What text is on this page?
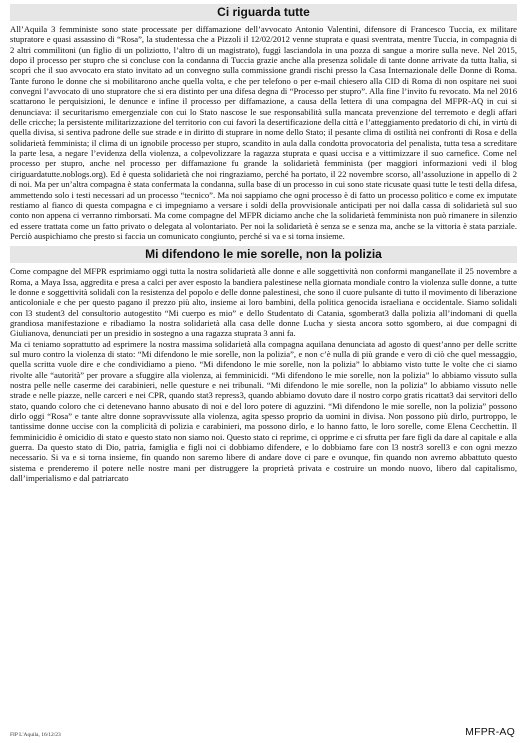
Ci riguarda tutte

All’Aquila 3 femministe sono state processate per diffamazione dell’avvocato Antonio Valentini, difensore di Francesco Tuccia, ex militare stupratore e quasi assassino di “Rosa”, la studentessa che a Pizzoli il 12/02/2012 venne stuprata e quasi sventrata, mentre Tuccia, in compagnia di 2 altri commilitoni (un figlio di un poliziotto, l’altro di un magistrato), fuggì lasciandola in una pozza di sangue a morire sulla neve. Nel 2015, dopo il processo per stupro che si concluse con la condanna di Tuccia grazie anche alla presenza solidale di tante donne arrivate da tutta Italia, si scoprì che il suo avvocato era stato invitato ad un convegno sulla commissione grandi rischi presso la Casa Internazionale delle Donne di Roma. Tante furono le donne che si mobilitarono anche quella volta, e che per telefono o per e-mail chiesero alla CID di Roma di non ospitare nei suoi convegni l’avvocato di uno stupratore che si era distinto per una difesa degna di “Processo per stupro”. Alla fine l’invito fu revocato. Ma nel 2016 scattarono le perquisizioni, le denunce e infine il processo per diffamazione, a causa della lettera di una compagna del MFPR-AQ in cui si denunciava: il securitarismo emergenziale con cui lo Stato nascose le sue responsabilità sulla mancata prevenzione del terremoto e degli affari delle cricche; la persistente militarizzazione del territorio con cui favorì la desertificazione della città e l’atteggiamento predatorio di chi, in virtù di quella divisa, si sentiva padrone delle sue strade e in diritto di stuprare in nome dello Stato; il pesante clima di ostilità nei confronti di Rosa e della solidarietà femminista; il clima di un ignobile processo per stupro, scandito in aula dalla condotta provocatoria del penalista, tutta tesa a screditare la parte lesa, a negare l’evidenza della violenza, a colpevolizzare la ragazza stuprata e quasi uccisa e a vittimizzare il suo carnefice. Come nel processo per stupro, anche nel processo per diffamazione fu grande la solidarietà femminista (per maggiori informazioni vedi il blog ciriguardatutte.noblogs.org). Ed è questa solidarietà che noi ringraziamo, perché ha portato, il 22 novembre scorso, all’assoluzione in appello di 2 di noi. Ma per un’altra compagna è stata confermata la condanna, sulla base di un processo in cui sono state ricusate quasi tutte le testi della difesa, ammettendo solo i testi necessari ad un processo “tecnico”. Ma noi sappiamo che ogni processo è di fatto un processo politico e come ex imputate restiamo al fianco di questa compagna e ci impegniamo a versare i soldi della provvisionale anticipati per noi dalla cassa di solidarietà sul suo conto non appena ci verranno rimborsati. Ma come compagne del MFPR diciamo anche che la solidarietà femminista non può rimanere in silenzio ed essere trattata come un fatto privato o delegata al volontariato. Per noi la solidarietà è senza se e senza ma, anche se la vittoria è stata parziale. Perciò auspichiamo che presto si faccia un comunicato congiunto, perché si va e si torna insieme.

Mi difendono le mie sorelle, non la polizia

Come compagne del MFPR esprimiamo oggi tutta la nostra solidarietà alle donne e alle soggettività non conformi manganellate il 25 novembre a Roma, a Maya Issa, aggredita e presa a calci per aver esposto la bandiera palestinese nella giornata mondiale contro la violenza sulle donne, a tutte le donne e soggettività solidali con la resistenza del popolo e delle donne palestinesi, che sono il cuore pulsante di tutto il movimento di liberazione anticoloniale e che per questo pagano il prezzo più alto, insieme ai loro bambini, della politica genocida israeliana e occidentale. Siamo solidali con l3 student3 del consultorio autogestito “Mi cuerpo es mio” e dello Studentato di Catania, sgomberat3 dalla polizia all’indomani di quella grandiosa manifestazione e ribadiamo la nostra solidarietà alla casa delle donne Lucha y siesta ancora sotto sgombero, ai due compagni di Giulianova, denunciati per un presidio in sostegno a una ragazza stuprata 3 anni fa.

Ma ci teniamo soprattutto ad esprimere la nostra massima solidarietà alla compagna aquilana denunciata ad agosto di quest’anno per delle scritte sul muro contro la violenza di stato: “Mi difendono le mie sorelle, non la polizia”, e non c’è nulla di più grande e vero di ciò che quel messaggio, quella scritta vuole dire e che condividiamo a pieno. “Mi difendono le mie sorelle, non la polizia” lo abbiamo visto tutte le volte che ci siamo rivolte alle “autorità” per provare a sfuggire alla violenza, ai femminicidi. “Mi difendono le mie sorelle, non la polizia” lo abbiamo vissuto sulla nostra pelle nelle caserme dei carabinieri, nelle questure e nei tribunali. “Mi difendono le mie sorelle, non la polizia” lo abbiamo vissuto nelle strade e nelle piazze, nelle carceri e nei CPR, quando stat3 repress3, quando abbiamo dovuto dare il nostro corpo gratis ricattat3 dai servitori dello stato, quando coloro che ci detenevano hanno abusato di noi e del loro potere di aguzzini. “Mi difendono le mie sorelle, non la polizia” possono dirlo oggi “Rosa” e tante altre donne sopravvissute alla violenza, agita spesso proprio da uomini in divisa. Non possono più dirlo, purtroppo, le tantissime donne uccise con la complicità di polizia e carabinieri, ma possono dirlo, e lo hanno fatto, le loro sorelle, come Elena Cecchettin. Il femminicidio è omicidio di stato e questo stato non siamo noi. Questo stato ci reprime, ci opprime e ci sfrutta per fare figli da dare al capitale e alla guerra. Da questo stato di Dio, patria, famiglia e figli noi ci dobbiamo difendere, e lo dobbiamo fare con l3 nostr3 sorell3 e con ogni mezzo necessario. Si va e si torna insieme, fin quando non saremo libere di andare dove ci pare e ovunque, fin quando non avremo abbattuto questo sistema e prenderemo il potere nelle nostre mani per distruggere la proprietà privata e costruire un mondo nuovo, libero dal capitalismo, dall’imperialismo e dal patriarcato

FIP L'Aquila, 16/12/23	MFPR-AQ
